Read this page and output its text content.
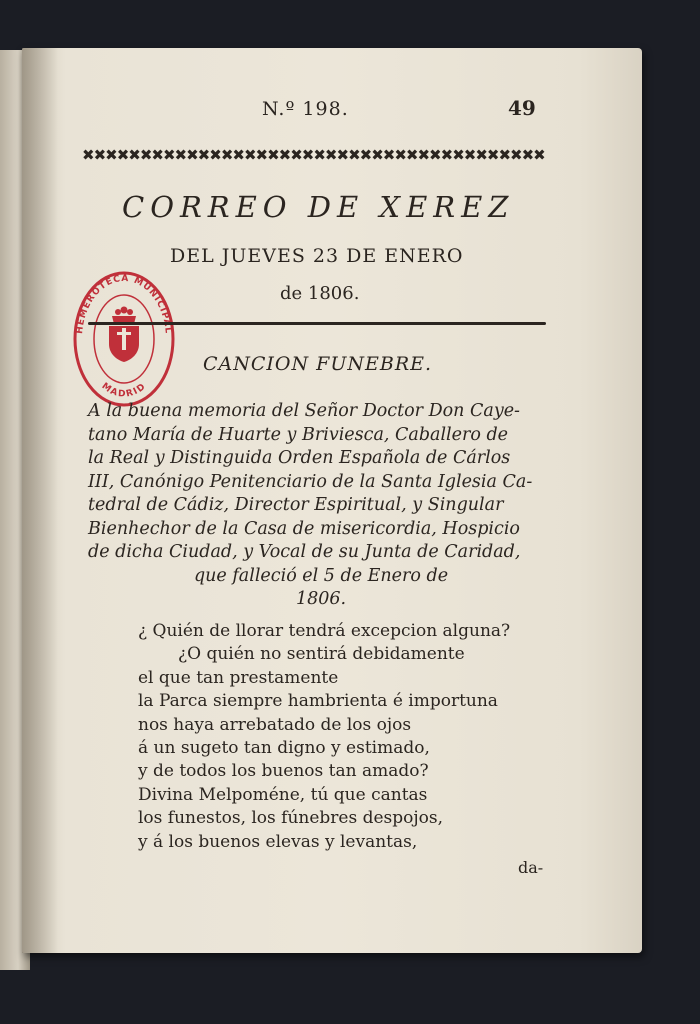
N.º 198.	49
✖✖✖✖✖✖✖✖✖✖✖✖✖✖✖✖✖✖✖✖✖✖✖✖✖✖✖✖✖✖✖✖✖✖✖✖✖✖✖✖
CORREO DE XEREZ
DEL JUEVES 23 DE ENERO
de 1806.
HEMEROTECA MUNICIP L
MADRID
CANCION FUNEBRE.
A la buena memoria del Señor Doctor Don Caye-
tano María de Huarte y Briviesca, Caballero de
la Real y Distinguida Orden Española de Cárlos
III, Canónigo Penitenciario de la Santa Iglesia Ca-
tedral de Cádiz, Director Espiritual, y Singular
Bienhechor de la Casa de misericordia, Hospicio
de dicha Ciudad, y Vocal de su Junta de Caridad,
que falleció el 5 de Enero de
1806.
¿ Quién de llorar tendrá excepcion alguna?
¿O quién no sentirá debidamente
el que tan prestamente
la Parca siempre hambrienta é importuna
nos haya arrebatado de los ojos
á un sugeto tan digno y estimado,
y de todos los buenos tan amado?
Divina Melpoméne, tú que cantas
los funestos, los fúnebres despojos,
y á los buenos elevas y levantas,
da-
